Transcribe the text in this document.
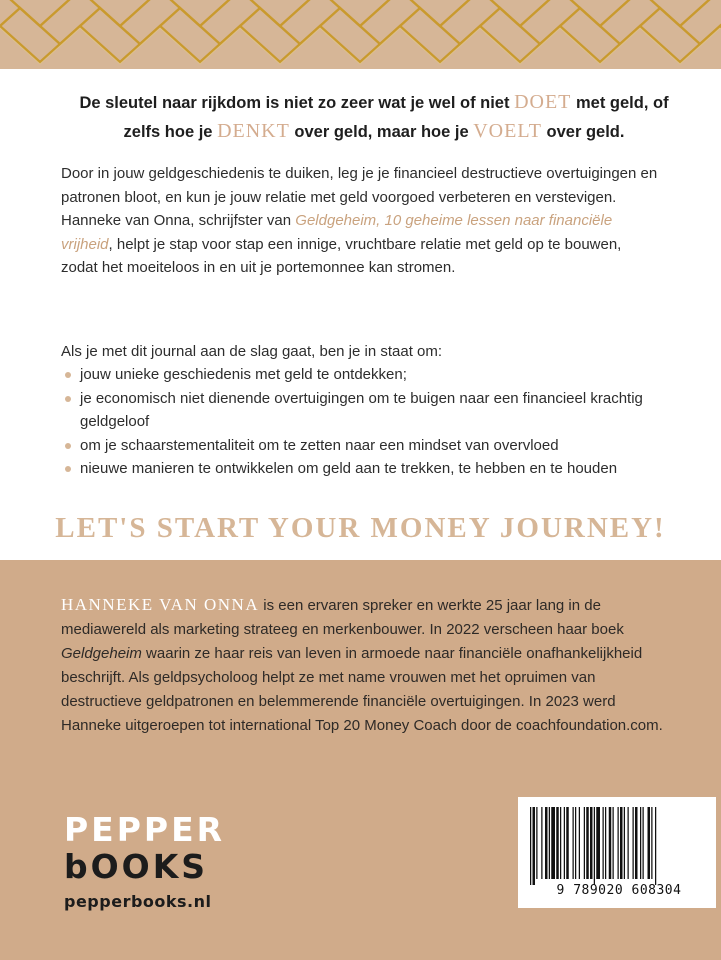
De sleutel naar rijkdom is niet zo zeer wat je wel of niet DOET met geld, of zelfs hoe je DENKT over geld, maar hoe je VOELT over geld.
Door in jouw geldgeschiedenis te duiken, leg je je financieel destructieve overtuigingen en patronen bloot, en kun je jouw relatie met geld voorgoed verbeteren en verstevigen. Hanneke van Onna, schrijfster van Geldgeheim, 10 geheime lessen naar financiële vrijheid, helpt je stap voor stap een innige, vruchtbare relatie met geld op te bouwen, zodat het moeiteloos in en uit je portemonnee kan stromen.
Als je met dit journal aan de slag gaat, ben je in staat om:
jouw unieke geschiedenis met geld te ontdekken;
je economisch niet dienende overtuigingen om te buigen naar een financieel krachtig geldgeloof
om je schaarstementaliteit om te zetten naar een mindset van overvloed
nieuwe manieren te ontwikkelen om geld aan te trekken, te hebben en te houden
LET'S START YOUR MONEY JOURNEY!
HANNEKE VAN ONNA is een ervaren spreker en werkte 25 jaar lang in de mediawereld als marketing strateeg en merkenbouwer. In 2022 verscheen haar boek Geldgeheim waarin ze haar reis van leven in armoede naar financiële onafhankelijkheid beschrijft. Als geldpsycholoog helpt ze met name vrouwen met het opruimen van destructieve geldpatronen en belemmerende financiële overtuigingen. In 2023 werd Hanneke uitgeroepen tot international Top 20 Money Coach door de coachfoundation.com.
PEPPER
bOOKS
pepperbooks.nl
9 789020 608304
